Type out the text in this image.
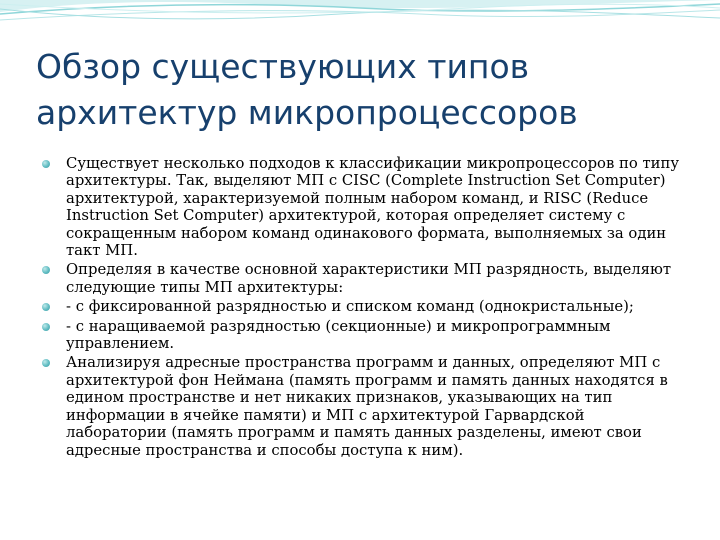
Обзор существующих типов архитектур микропроцессоров
Существует несколько подходов к классификации микропроцессоров по типу архитектуры. Так, выделяют МП с CISC (Complete Instruction Set Computer) архитектурой, характеризуемой полным набором команд, и RISC (Reduce Instruction Set Computer) архитектурой, которая определяет систему с сокращенным набором команд одинакового формата, выполняемых за один такт МП.
Определяя в качестве основной характеристики МП разрядность, выделяют следующие типы МП архитектуры:
- с фиксированной разрядностью и списком команд (однокристальные);
- с наращиваемой разрядностью (секционные) и микропрограммным управлением.
Анализируя адресные пространства программ и данных, определяют МП с архитектурой фон Неймана (память программ и память данных находятся в едином пространстве и нет никаких признаков, указывающих на тип информации в ячейке памяти) и МП с архитектурой Гарвардской лаборатории (память программ и память данных разделены, имеют свои адресные пространства и способы доступа к ним).
